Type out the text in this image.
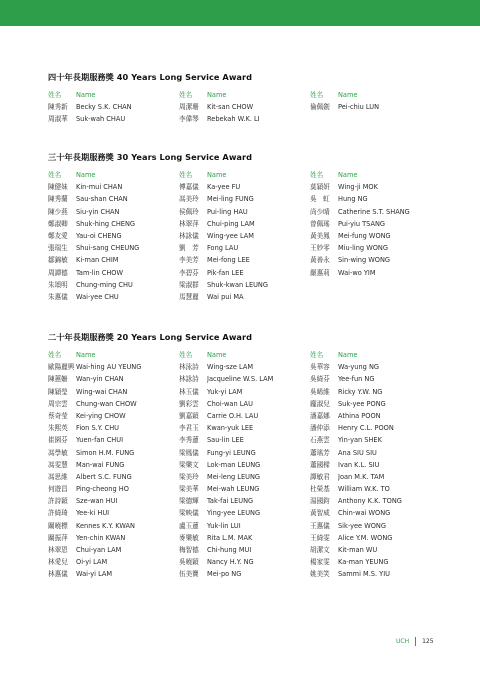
四十年長期服務獎 40 Years Long Service Award
姓名	Name
陳秀新	Becky S.K. CHAN
周淑華	Suk-wah CHAU
姓名	Name
周潔珊	Kit-san CHOW
李偉琴	Rebekah W.K. LI
姓名	Name
倫佩劍	Pei-chiu LUN
三十年長期服務獎 30 Years Long Service Award
姓名	Name
陳健妹	Kin-mui CHAN
陳秀蘭	Sau-shan CHAN
陳少燕	Siu-yin CHAN
鄭淑卿	Shuk-hing CHENG
鄭友愛	Yau-oi CHENG
張瑞生	Shui-sang CHEUNG
鄒錦敏	Ki-man CHIM
周譚德	Tam-lin CHOW
朱頌明	Chung-ming CHU
朱惠儀	Wai-yee CHU
姓名	Name
傅嘉儀	Ka-yee FU
馮美玲	Mei-ling FUNG
侯佩玲	Pui-ling HAU
林翠萍	Chui-ping LAM
林詠儀	Wing-yee LAM
劉　芳	Fong LAU
李美芳	Mei-fong LEE
李碧芬	Pik-fan LEE
梁淑群	Shuk-kwan LEUNG
馬慧麗	Wai pui MA
姓名	Name
莫穎妍	Wing-ji MOK
吳　虹	Hung NG
尚少晴	Catherine S.T. SHANG
曾佩瑤	Pui-yiu TSANG
黃美鳳	Mei-fung WONG
王妙零	Miu-ling WONG
黃善永	Sin-wing WONG
嚴惠莉	Wai-wo YIM
二十年長期服務獎 20 Years Long Service Award
姓名	Name
歐陽麗興 Wai-hing AU YEUNG
陳蕙姍	Wan-yin CHAN
陳穎瑩	Wing-wai CHAN
周宗雲	Chung-wan CHOW
蔡奇莹	Kei-ying CHOW
朱熙英	Fion S.Y. CHU
崔園芬	Yuen-fan CHUI
馮學敏	Simon H.M. FUNG
馮雯慧	Man-wai FUNG
馮思維	Albert S.C. FUNG
何遊昌	Ping-cheong HO
許詩穎	Sze-wan HUI
許綺琦	Yee-ki HUI
關曉標	Kennes K.Y. KWAN
關振萍	Yen-chin KWAN
林翠恩	Chui-yan LAM
林愛兒	Oi-yi LAM
林惠儀	Wai-yi LAM
姓名	Name
林泳詩	Wing-sze LAM
林詠詩	Jacqueline W.S. LAM
林玉儀	Yuk-yi LAM
劉彩雲	Choi-wan LAU
劉嘉穎	Carrie O.H. LAU
李君玉	Kwan-yuk LEE
李秀蓮	Sau-lin LEE
梁鳳儀	Fung-yi LEUNG
梁樂文	Lok-man LEUNG
梁美玲	Mei-leng LEUNG
梁美華	Mei-wah LEUNG
梁德輝	Tak-fai LEUNG
梁映儀	Ying-yee LEUNG
盧玉蓮	Yuk-lin LUI
麥樂敏	Rita L.M. MAK
梅智德	Chi-hung MUI
吳曉穎	Nancy H.Y. NG
伍美寶	Mei-po NG
姓名	Name
吳華容	Wa-yung NG
吳綺芬	Yee-fun NG
吳晞維	Ricky Y.W. NG
龐淑兒	Suk-yee PONG
潘嘉娜	Athina POON
潘仲添	Henry C.L. POON
石燕雲	Yin-yan SHEK
蕭瑤芳	Ana SIU SIU
蕭國樑	Ivan K.L. SIU
譚敏君	Joan M.K. TAM
杜榮基	William W.K. TO
湯國鈞	Anthony K.K. TONG
黃智威	Chin-wai WONG
王惠儀	Sik-yee WONG
王綺雯	Alice Y.M. WONG
胡潔文	Kit-man WU
楊家雯	Ka-man YEUNG
姚美笑	Sammi M.S. YIU
UCH 125
